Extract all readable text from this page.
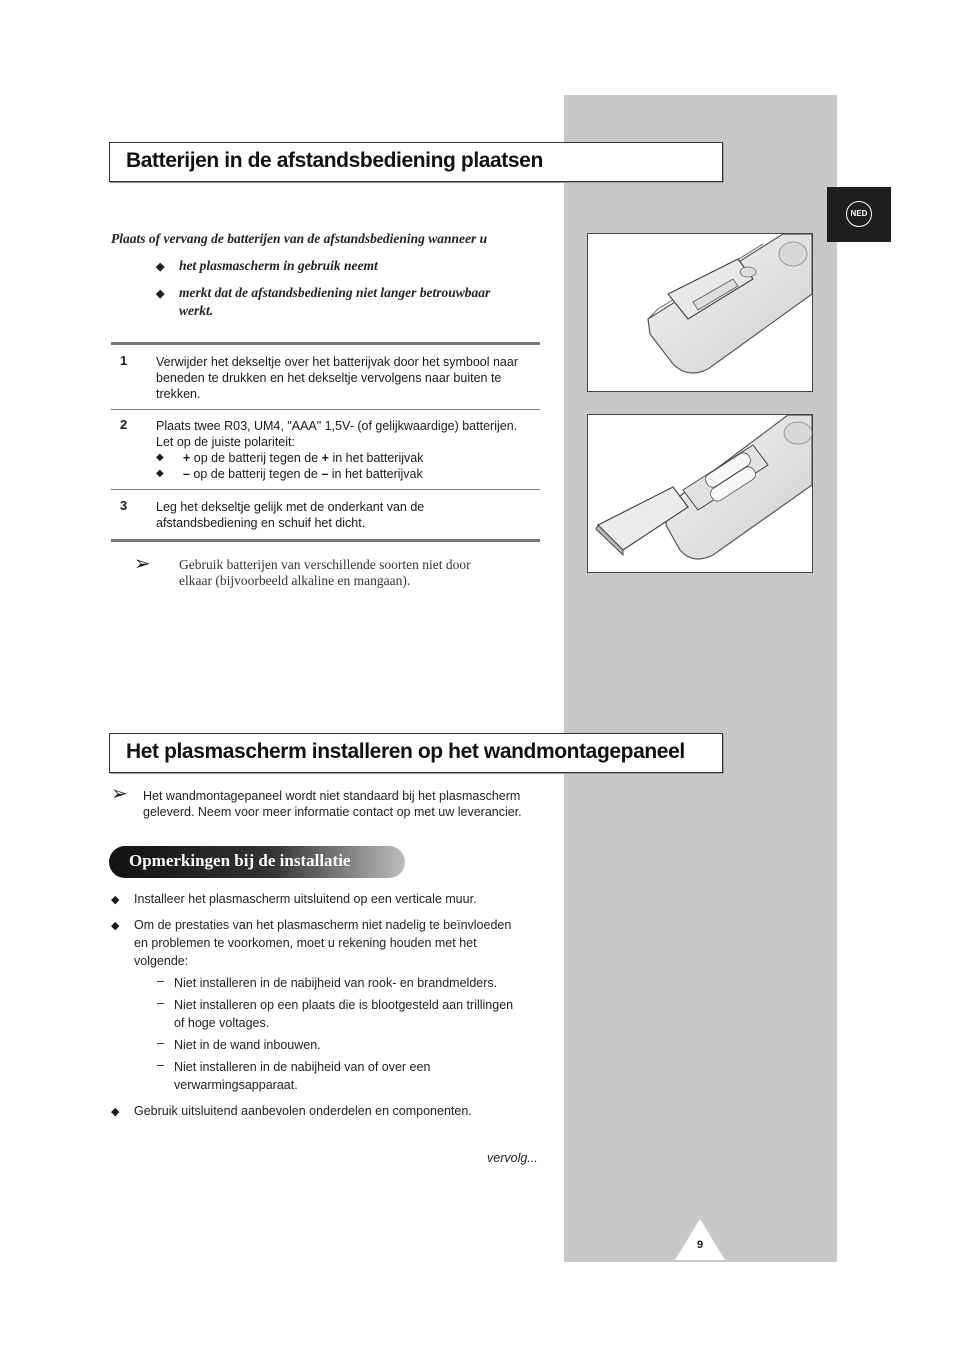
NED
Batterijen in de afstandsbediening plaatsen
Plaats of vervang de batterijen van de afstandsbediening wanneer u
◆ het plasmascherm in gebruik neemt
◆ merkt dat de afstandsbediening niet langer betrouwbaar
werkt.
1 Verwijder het dekseltje over het batterijvak door het symbool naar
beneden te drukken en het dekseltje vervolgens naar buiten te
trekken.
2 Plaats twee R03, UM4, "AAA" 1,5V- (of gelijkwaardige) batterijen.
Let op de juiste polariteit:
◆ + op de batterij tegen de + in het batterijvak
◆ – op de batterij tegen de – in het batterijvak
3 Leg het dekseltje gelijk met de onderkant van de
afstandsbediening en schuif het dicht.
➢ Gebruik batterijen van verschillende soorten niet door
elkaar (bijvoorbeeld alkaline en mangaan).
Het plasmascherm installeren op het wandmontagepaneel
➢ Het wandmontagepaneel wordt niet standaard bij het plasmascherm
geleverd. Neem voor meer informatie contact op met uw leverancier.
Opmerkingen bij de installatie
◆ Installeer het plasmascherm uitsluitend op een verticale muur.
◆ Om de prestaties van het plasmascherm niet nadelig te beïnvloeden
en problemen te voorkomen, moet u rekening houden met het
volgende:
– Niet installeren in de nabijheid van rook- en brandmelders.
– Niet installeren op een plaats die is blootgesteld aan trillingen
of hoge voltages.
– Niet in de wand inbouwen.
– Niet installeren in de nabijheid van of over een
verwarmingsapparaat.
◆ Gebruik uitsluitend aanbevolen onderdelen en componenten.
vervolg...
9
